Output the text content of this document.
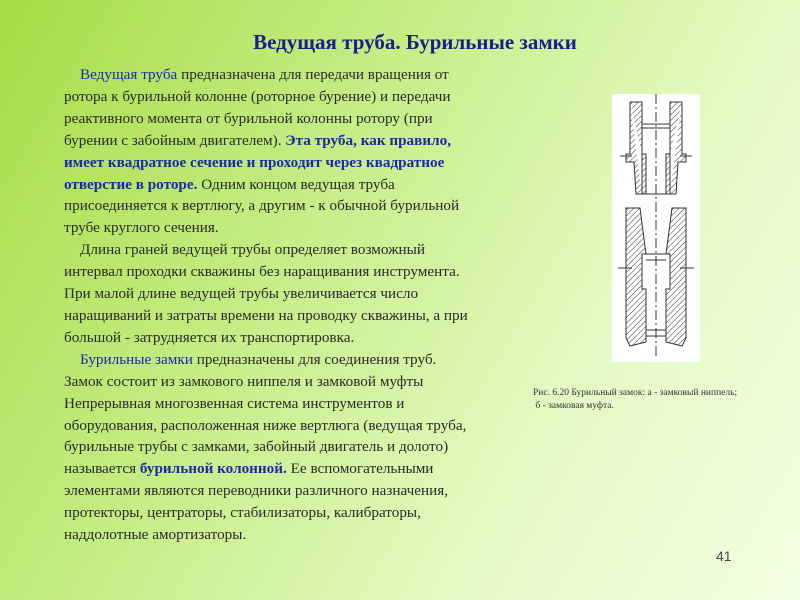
Ведущая труба. Бурильные замки
Ведущая труба предназначена для передачи вращения от
ротора к бурильной колонне (роторное бурение) и передачи
реактивного момента от бурильной колонны ротору (при
бурении с забойным двигателем). Эта труба, как правило,
имеет квадратное сечение и проходит через квадратное
отверстие в роторе. Одним концом ведущая труба
присоединяется к вертлюгу, а другим - к обычной бурильной
трубе круглого сечения.
Длина граней ведущей трубы определяет возможный
интервал проходки скважины без наращивания инструмента.
При малой длине ведущей трубы увеличивается число
наращиваний и затраты времени на проводку скважины, а при
большой - затрудняется их транспортировка.
Бурильные замки предназначены для соединения труб.
Замок состоит из замкового ниппеля и замковой муфты
Непрерывная многозвенная система инструментов и
оборудования, расположенная ниже вертлюга (ведущая труба,
бурильные трубы с замками, забойный двигатель и долото)
называется бурильной колонной. Ее вспомогательными
элементами являются переводники различного назначения,
протекторы, центраторы, стабилизаторы, калибраторы,
наддолотные амортизаторы.
Рис. 6.20 Бурильный замок: а - замковый ниппель;
б - замковая муфта.
41
